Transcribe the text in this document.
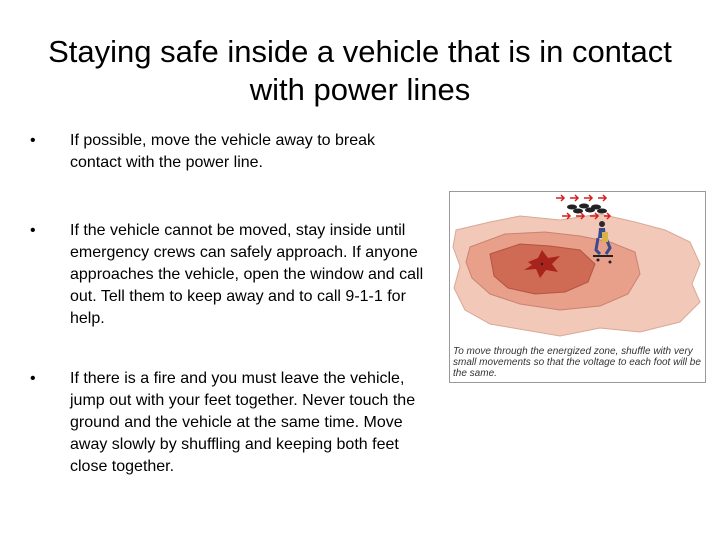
Staying safe inside a vehicle that is in contact with power lines
• If possible, move the vehicle away to break contact with the power line.
• If the vehicle cannot be moved, stay inside until emergency crews can safely approach. If anyone approaches the vehicle, open the window and call out. Tell them to keep away and to call 9-1-1 for help.
• If there is a fire and you must leave the vehicle, jump out with your feet together. Never touch the ground and the vehicle at the same time. Move away slowly by shuffling and keeping both feet close together.
To move through the energized zone, shuffle with very small movements so that the voltage to each foot will be the same.
